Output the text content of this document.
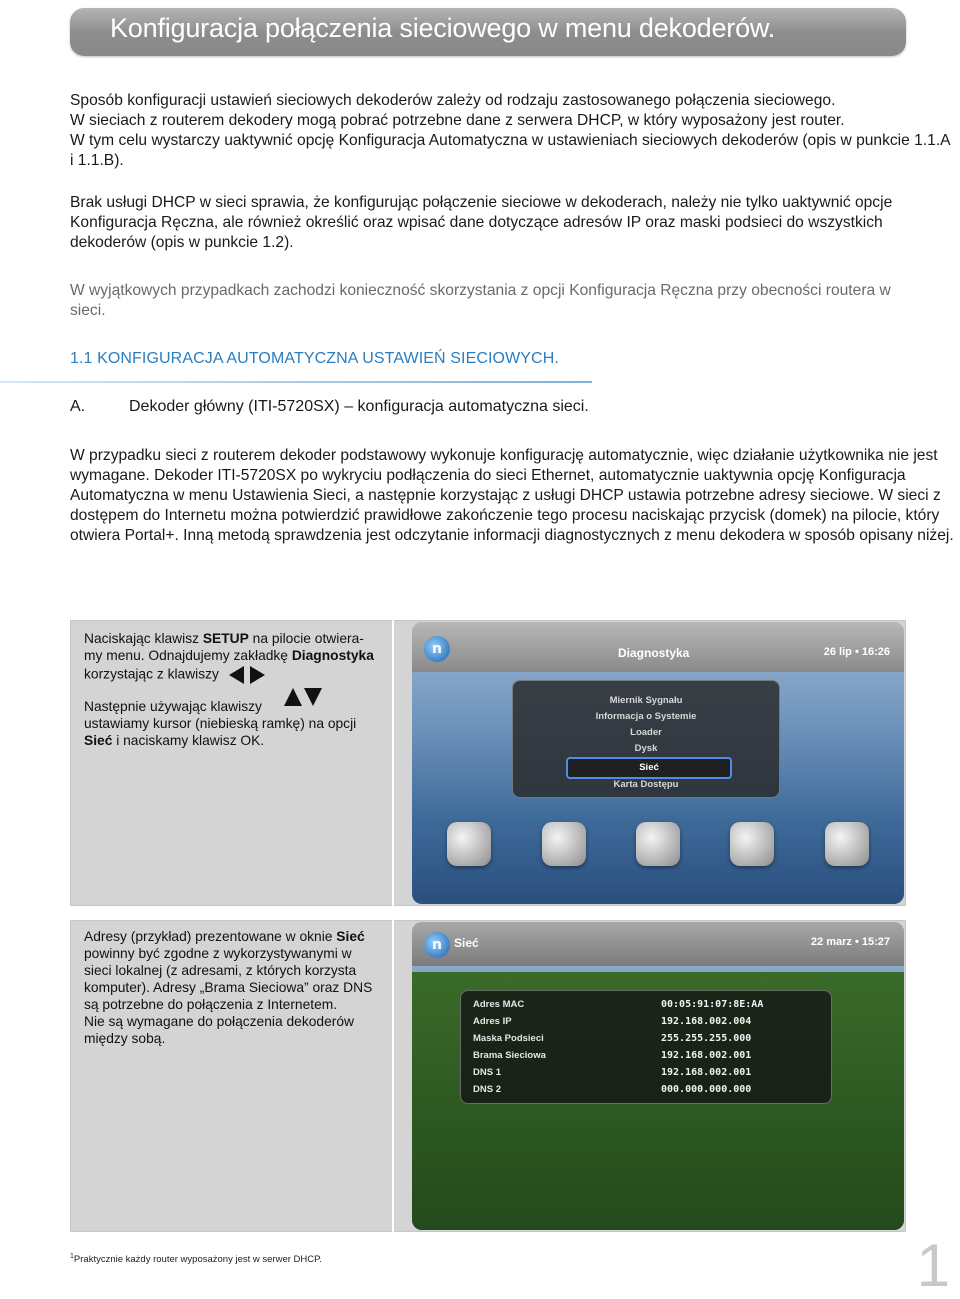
Konfiguracja połączenia sieciowego w menu dekoderów.
Sposób konfiguracji ustawień sieciowych dekoderów zależy od rodzaju zastosowanego połączenia sieciowego.
W sieciach z routerem dekodery mogą pobrać potrzebne dane z serwera DHCP, w który wyposażony jest router.
W tym celu wystarczy uaktywnić opcję Konfiguracja Automatyczna w ustawieniach sieciowych dekoderów (opis w punkcie 1.1.A i 1.1.B).
Brak usługi DHCP w sieci sprawia, że konfigurując połączenie sieciowe w dekoderach, należy nie tylko uaktywnić opcje Konfiguracja Ręczna, ale również określić oraz wpisać dane dotyczące adresów IP oraz maski podsieci do wszystkich dekoderów (opis w punkcie 1.2).
W wyjątkowych przypadkach zachodzi konieczność skorzystania z opcji Konfiguracja Ręczna przy obecności routera w sieci.
1.1 KONFIGURACJA AUTOMATYCZNA USTAWIEŃ SIECIOWYCH.
A.	Dekoder główny (ITI-5720SX) – konfiguracja automatyczna sieci.
W przypadku sieci z routerem dekoder podstawowy wykonuje konfigurację automatycznie, więc działanie użytkownika nie jest wymagane. Dekoder ITI-5720SX po wykryciu podłączenia do sieci Ethernet, automatycznie uaktywnia opcję Konfiguracja Automatyczna w menu Ustawienia Sieci, a następnie korzystając z usługi DHCP ustawia potrzebne adresy sieciowe. W sieci z dostępem do Internetu można potwierdzić prawidłowe zakończenie tego procesu naciskając przycisk (domek) na pilocie, który otwiera Portal+. Inną metodą sprawdzenia jest odczytanie informacji diagnostycznych z menu dekodera w sposób opisany niżej.

Naciskając klawisz SETUP na pilocie otwiera-

my menu. Odnajdujemy zakładkę Diagnostyka

korzystając z klawiszy

Następnie używając klawiszy

ustawiamy kursor (niebieską ramkę) na opcji

Sieć i naciskamy klawisz OK.

n	Diagnostyka	26 lip • 16:26
Miernik Sygnału
Informacja o Systemie
Loader
Dysk
Sieć
Karta Dostępu

Adresy (przykład) prezentowane w oknie Sieć

powinny być zgodne z wykorzystywanymi w

sieci lokalnej (z adresami, z których korzysta

komputer). Adresy „Brama Sieciowa” oraz DNS

są potrzebne do połączenia z Internetem.

Nie są wymagane do połączenia dekoderów

między sobą.

n	Sieć	22 marz • 15:27
Adres MAC	00:05:91:07:8E:AA
Adres IP	192.168.002.004
Maska Podsieci	255.255.255.000
Brama Sieciowa	192.168.002.001
DNS 1	192.168.002.001
DNS 2	000.000.000.000
$^1$Praktycznie każdy router wyposażony jest w serwer DHCP.	1
